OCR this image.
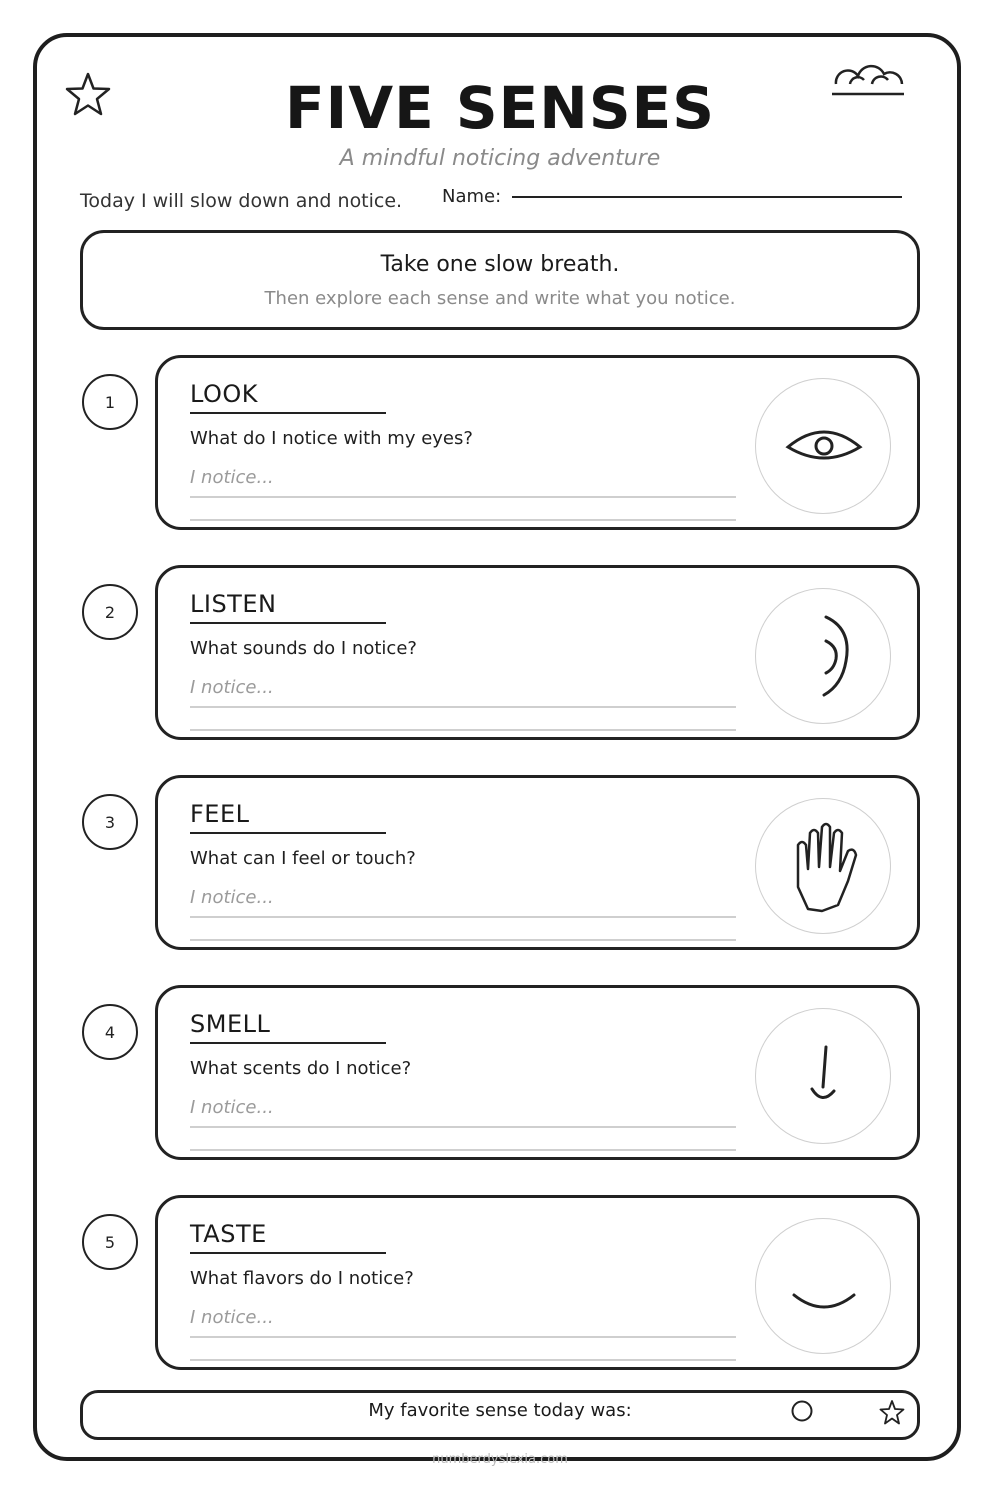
FIVE SENSES

A mindful noticing adventure

Today I will slow down and notice. Name:
Take one slow breath.
Then explore each sense and write what you notice.
1	LOOK
What do I notice with my eyes?
I notice...
2	LISTEN
What sounds do I notice?
I notice...
3	FEEL
What can I feel or touch?
I notice...
4	SMELL
What scents do I notice?
I notice...
5	TASTE
What flavors do I notice?
I notice...
My favorite sense today was:
numberdyslexia.com
